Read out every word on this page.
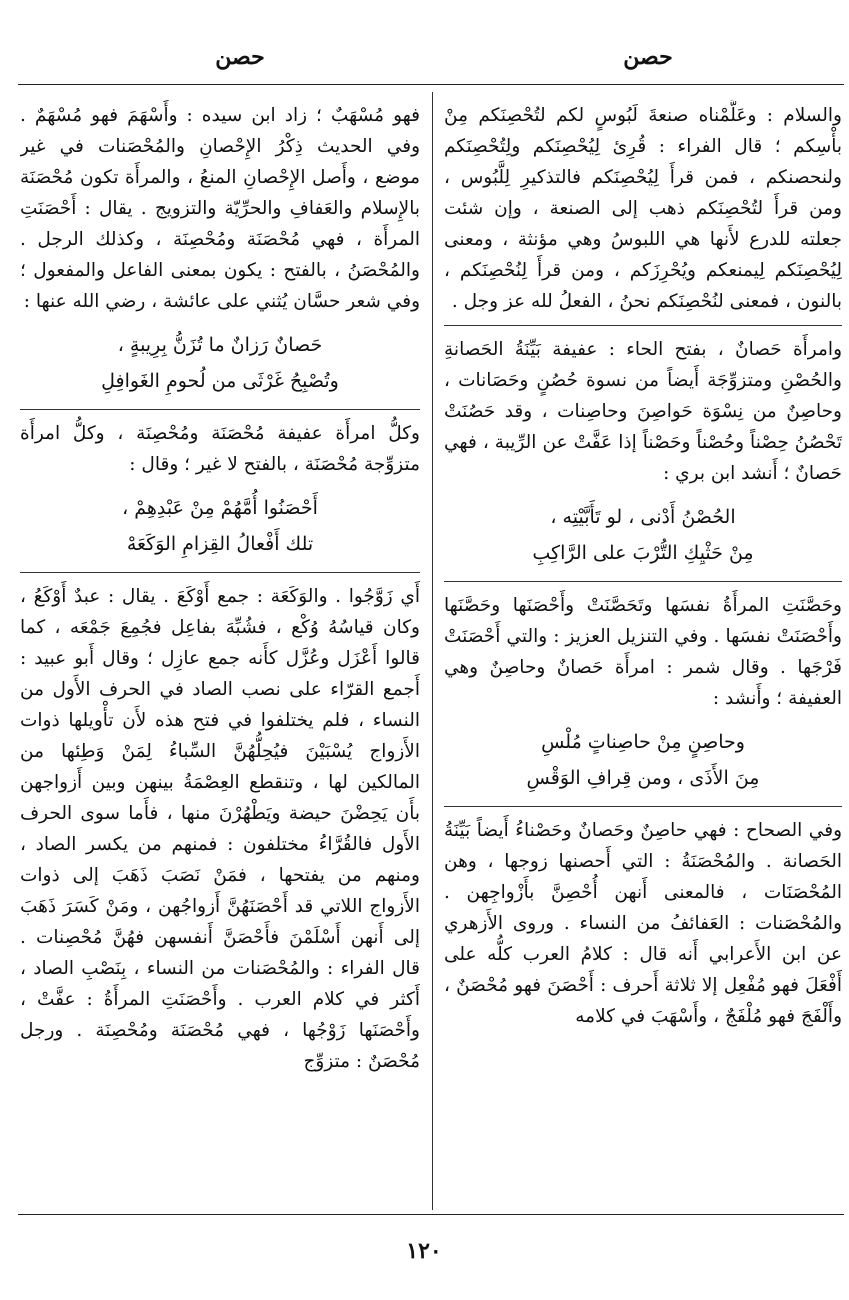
حصن
حصن

والسلام : وعَلَّمْناه صنعةَ لَبُوسٍ لكم لتُحْصِنَكم مِنْ بأْسِكم ؛ قال الفراء : قُرِئ لِيُحْصِنَكم ولِتُحْصِنَكم ولنحصنكم ، فمن قرأَ لِيُحْصِنَكم فالتذكيرِ لِلَّبُوس ، ومن قرأَ لتُحْصِنَكم ذهب إلى الصنعة ، وإن شئت جعلته للدرع لأَنها هي اللبوسُ وهي مؤنثة ، ومعنى لِيُحْصِنَكم لِيمنعكم ويُحْرِزَكم ، ومن قرأَ لِنُحْصِنَكم ، بالنون ، فمعنى لنُحْصِنَكم نحنُ ، الفعلُ لله عز وجل .

وامرأَة حَصانٌ ، بفتح الحاء : عفيفة بَيِّنَةُ الحَصانةِ والحُصْنِ ومتزوِّجَة أَيضاً من نسوة حُصُنٍ وحَصَانات ، وحاصِنٌ من نِسْوَة حَواصِنَ وحاصِنات ، وقد حَصُنَتْ تَحْصُنُ حِصْناً وحُصْناً وحَصْناً إذا عَفَّتْ عن الرِّيبة ، فهي حَصانٌ ؛ أَنشد ابن بري :

الحُصْنُ أَدْنى ، لو تَأَبَّيْتِه ،
مِنْ حَثْيِكِ التُّرْبَ على الرَّاكِبِ

وحَصَّنَتِ المرأَةُ نفسَها وتَحَصَّنَتْ وأَحْصَنَها وحَصَّنَها وأَحْصَنَتْ نفسَها . وفي التنزيل العزيز : والتي أَحْصَنَتْ فَرْجَها . وقال شمر : امرأَة حَصانٌ وحاصِنٌ وهي العفيفة ؛ وأَنشد :

وحاصِنٍ مِنْ حاصِناتٍ مُلْسِ
مِنَ الأَذَى ، ومن قِرافِ الوَقْسِ

وفي الصحاح : فهي حاصِنٌ وحَصانٌ وحَصْناءُ أَيضاً بَيِّنَةُ الحَصانة . والمُحْصَنَةُ : التي أَحصنها زوجها ، وهن المُحْصَنَات ، فالمعنى أَنهن أُحْصِنَّ بأَزْواجِهن . والمُحْصَنات : العَفائفُ من النساء . وروى الأَزهري عن ابن الأَعرابي أَنه قال : كلامُ العرب كلُّه على أَفْعَلَ فهو مُفْعِل إلا ثلاثة أَحرف : أَحْصَنَ فهو مُحْصَنٌ ، وأَلْفَجَ فهو مُلْفَجٌ ، وأَسْهَبَ في كلامه

فهو مُسْهَبٌ ؛ زاد ابن سيده : وأَسْهَمَ فهو مُسْهَمٌ . وفي الحديث ذِكْرُ الإِحْصانِ والمُحْصَنات في غير موضع ، وأَصل الإِحْصانِ المنعُ ، والمرأَة تكون مُحْصَنَة بالإِسلام والعَفافِ والحرِّيّة والتزويج . يقال : أَحْصَنَتِ المرأَة ، فهي مُحْصَنَة ومُحْصِنَة ، وكذلك الرجل . والمُحْصَنُ ، بالفتح : يكون بمعنى الفاعل والمفعول ؛ وفي شعر حسَّان يُثني على عائشة ، رضي الله عنها :

حَصانٌ رَزانٌ ما تُزَنُّ بِرِيبةٍ ،
وتُصْبِحُ غَرْثَى من لُحومِ الغَوافِلِ

وكلُّ امرأَة عفيفة مُحْصَنَة ومُحْصِنَة ، وكلُّ امرأَة متزوِّجة مُحْصَنَة ، بالفتح لا غير ؛ وقال :

أَحْصَنُوا أُمَّهُمْ مِنْ عَبْدِهِمْ ،
تلك أَفْعالُ القِزامِ الوَكَعَهْ

أَي زَوَّجُوا . والوَكَعَة : جمع أَوْكَعَ . يقال : عبدٌ أَوْكَعُ ، وكان قياسُهُ وُكْع ، فشُبِّهَ بفاعِل فجُمِعَ جَمْعَه ، كما قالوا أَعْزَل وعُزَّل كأَنه جمع عازِل ؛ وقال أَبو عبيد : أَجمع القرّاء على نصب الصاد في الحرف الأَول من النساء ، فلم يختلفوا في فتح هذه لأَن تأْويلها ذوات الأَزواج يُسْبَيْنَ فيُحِلُّهُنَّ السِّباءُ لِمَنْ وَطِئها من المالكين لها ، وتنقطع العِصْمَةُ بينهن وبين أَزواجهن بأَن يَحِضْنَ حيضة ويَطْهُرْنَ منها ، فأَما سوى الحرف الأَول فالقُرَّاءُ مختلفون : فمنهم من يكسر الصاد ، ومنهم من يفتحها ، فمَنْ نَصَبَ ذَهَبَ إلى ذوات الأَزواج اللاتي قد أَحْصَنَهُنَّ أَزواجُهن ، ومَنْ كَسَرَ ذَهَبَ إلى أَنهن أَسْلَمْنَ فأَحْصَنَّ أَنفسهن فهُنَّ مُحْصِنات . قال الفراء : والمُحْصَنات من النساء ، بِنَصْبِ الصاد ، أَكثر في كلام العرب . وأَحْصَنَتِ المرأَةُ : عفَّتْ ، وأَحْصَنَها زَوْجُها ، فهي مُحْصَنَة ومُحْصِنَة . ورجل مُحْصَنٌ : متزوِّج

١٢٠
